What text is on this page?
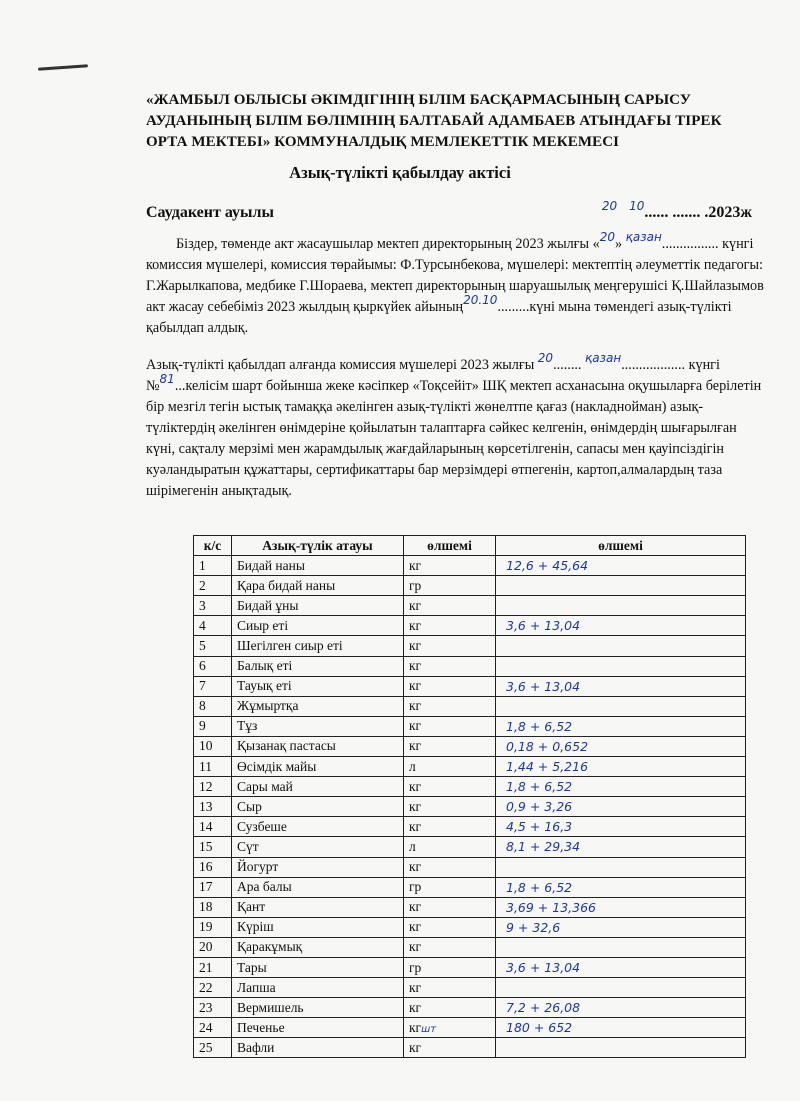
«ЖАМБЫЛ ОБЛЫСЫ ӘКІМДІГІНІҢ БІЛІМ БАСҚАРМАСЫНЫҢ САРЫСУ АУДАНЫНЫҢ БІЛІМ БӨЛІМІНІҢ БАЛТАБАЙ АДАМБАЕВ АТЫНДАҒЫ ТІРЕК ОРТА МЕКТЕБІ» КОММУНАЛДЫҚ МЕМЛЕКЕТТІК МЕКЕМЕСІ
Азық-түлікті қабылдау актісі
Саудакент ауылы	$^{20}$ $^{10}$...... ....... .2023ж
Біздер, төменде акт жасаушылар мектеп директорының 2023 жылғы «$^{20}$» $^{қазан}$................ күнгі комиссия мүшелері, комиссия төрайымы: Ф.Турсынбекова, мүшелері: мектептің әлеуметтік педагогы: Г.Жарылкапова, медбике Г.Шораева, мектеп директорының шаруашылық меңгерушісі Қ.Шайлазымов акт жасау себебіміз 2023 жылдың қыркүйек айының$^{20.10}$.........күні мына төмендегі азық-түлікті қабылдап алдық.
Азық-түлікті қабылдап алғанда комиссия мүшелері 2023 жылғы $^{20}$........ $^{қазан}$.................. күнгі №$^{81}$...келісім шарт бойынша жеке кәсіпкер «Тоқсейіт» ШҚ мектеп асханасына оқушыларға берілетін бір мезгіл тегін ыстық тамаққа әкелінген азық-түлікті жөнелтпе қағаз (накладнойман) азық-түліктердің әкелінген өнімдеріне қойылатын талаптарға сәйкес келгенін, өнімдердің шығарылған күні, сақталу мерзімі мен жарамдылық жағдайларының көрсетілгенін, сапасы мен қауіпсіздігін куәландыратын құжаттары, сертификаттары бар мерзімдері өтпегенін, картоп,алмалардың таза шірімегенін анықтадық.
к/с	Азық-түлік атауы	өлшемі	өлшемі
1	Бидай наны	кг	12,6 + 45,64
2	Қара бидай наны	гр	
3	Бидай ұны	кг	
4	Сиыр еті	кг	3,6 + 13,04
5	Шегілген сиыр еті	кг	
6	Балық еті	кг	
7	Тауық еті	кг	3,6 + 13,04
8	Жұмыртқа	кг	
9	Тұз	кг	1,8 + 6,52
10	Қызанақ пастасы	кг	0,18 + 0,652
11	Өсімдік майы	л	1,44 + 5,216
12	Сары май	кг	1,8 + 6,52
13	Сыр	кг	0,9 + 3,26
14	Сузбеше	кг	4,5 + 16,3
15	Сүт	л	8,1 + 29,34
16	Йогурт	кг	
17	Ара балы	гр	1,8 + 6,52
18	Қант	кг	3,69 + 13,366
19	Күріш	кг	9 + 32,6
20	Қаракұмық	кг	
21	Тары	гр	3,6 + 13,04
22	Лапша	кг	
23	Вермишель	кг	7,2 + 26,08
24	Печенье	кгшт	180 + 652
25	Вафли	кг	
